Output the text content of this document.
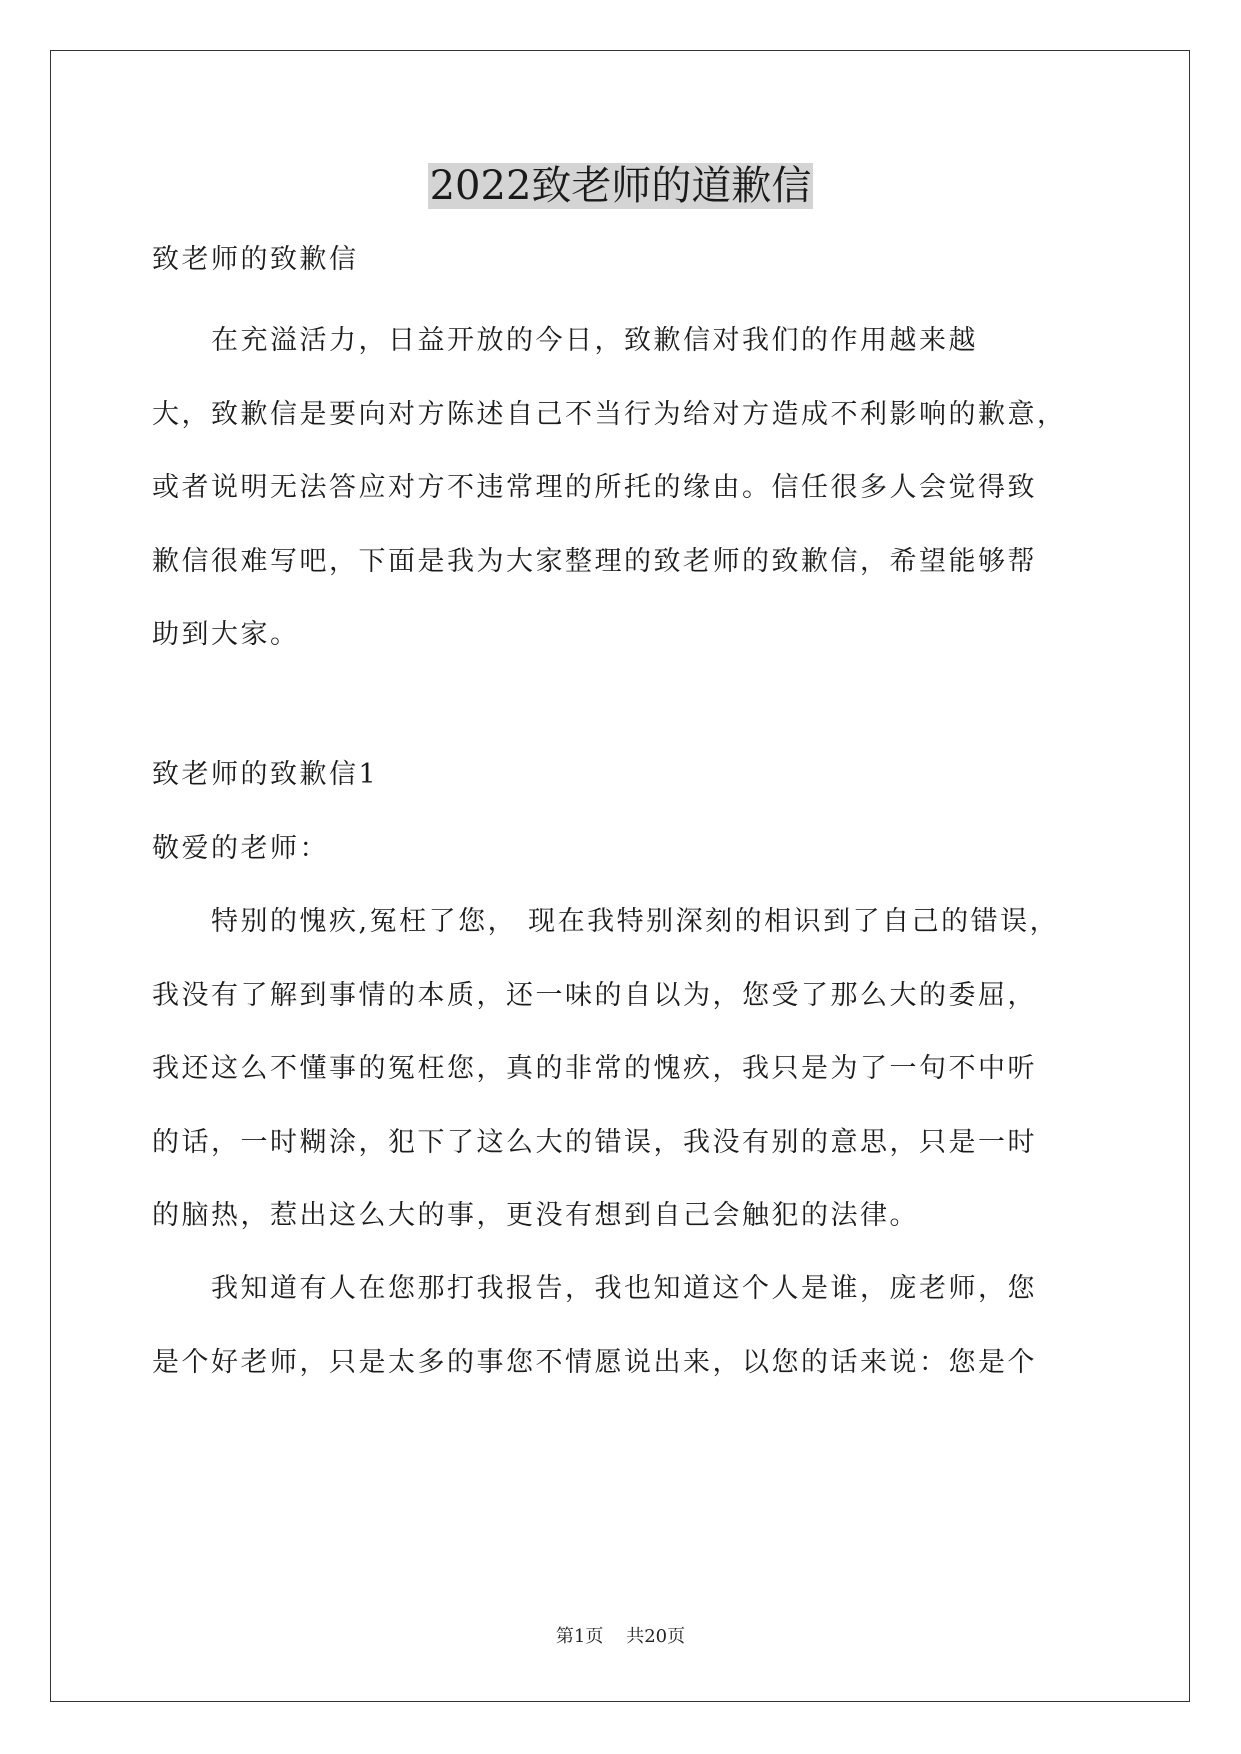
2022致老师的道歉信
致老师的致歉信
　　在充溢活力，日益开放的今日，致歉信对我们的作用越来越
大，致歉信是要向对方陈述自己不当行为给对方造成不利影响的歉意，
或者说明无法答应对方不违常理的所托的缘由。信任很多人会觉得致
歉信很难写吧，下面是我为大家整理的致老师的致歉信，希望能够帮
助到大家。
致老师的致歉信1
敬爱的老师：
　　特别的愧疚,冤枉了您， 现在我特别深刻的相识到了自己的错误，
我没有了解到事情的本质，还一味的自以为，您受了那么大的委屈，
我还这么不懂事的冤枉您，真的非常的愧疚，我只是为了一句不中听
的话，一时糊涂，犯下了这么大的错误，我没有别的意思，只是一时
的脑热，惹出这么大的事，更没有想到自己会触犯的法律。
　　我知道有人在您那打我报告，我也知道这个人是谁，庞老师，您
是个好老师，只是太多的事您不情愿说出来，以您的话来说：您是个
第1页    共20页
